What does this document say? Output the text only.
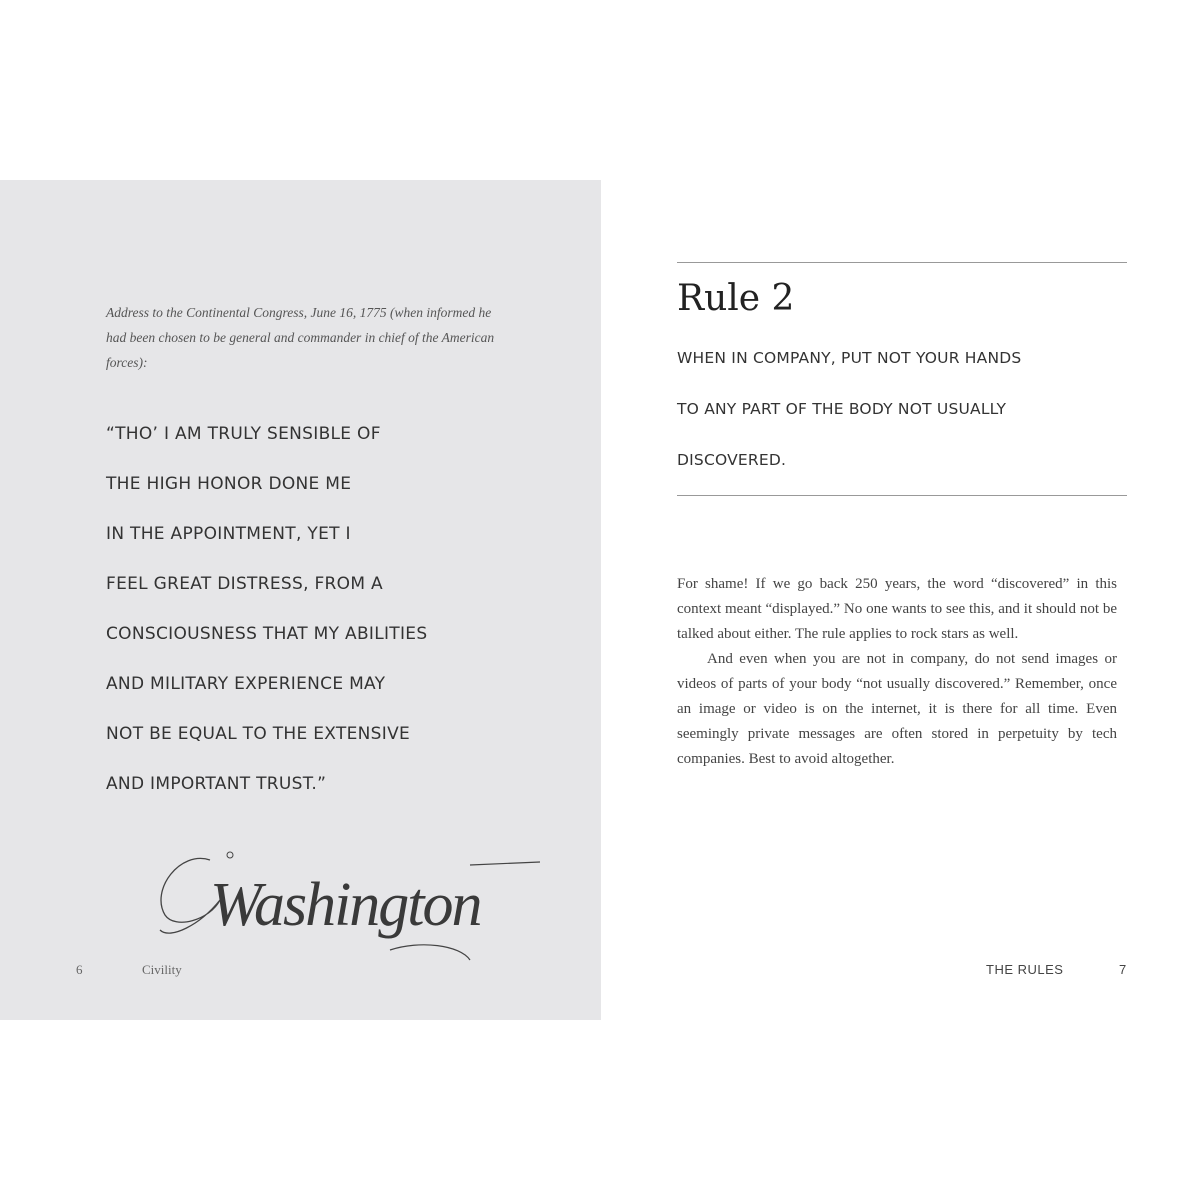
Address to the Continental Congress, June 16, 1775 (when informed he had been chosen to be general and commander in chief of the American forces):
“THO’ I AM TRULY SENSIBLE OF
THE HIGH HONOR DONE ME
IN THE APPOINTMENT, YET I
FEEL GREAT DISTRESS, FROM A
CONSCIOUSNESS THAT MY ABILITIES
AND MILITARY EXPERIENCE MAY
NOT BE EQUAL TO THE EXTENSIVE
AND IMPORTANT TRUST.”
Washington
6	Civility
Rule 2
WHEN IN COMPANY, PUT NOT YOUR HANDS
TO ANY PART OF THE BODY NOT USUALLY
DISCOVERED.

For shame! If we go back 250 years, the word “discovered” in this context meant “displayed.” No one wants to see this, and it should not be talked about either. The rule applies to rock stars as well.

And even when you are not in company, do not send images or videos of parts of your body “not usually discovered.” Remember, once an image or video is on the internet, it is there for all time. Even seemingly private messages are often stored in perpetuity by tech companies. Best to avoid altogether.

THE RULES	7
